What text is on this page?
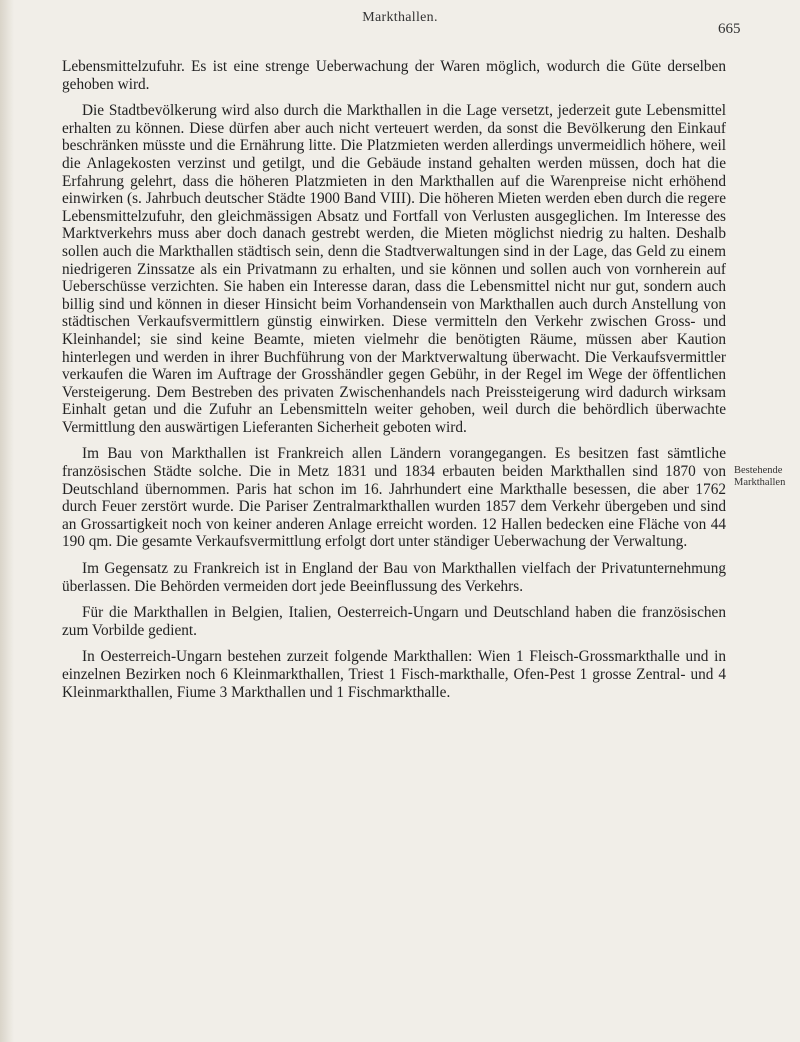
Markthallen.
665

Lebensmittelzufuhr. Es ist eine strenge Ueberwachung der Waren möglich, wodurch die Güte derselben gehoben wird.

Die Stadtbevölkerung wird also durch die Markthallen in die Lage versetzt, jederzeit gute Lebensmittel erhalten zu können. Diese dürfen aber auch nicht verteuert werden, da sonst die Bevölkerung den Einkauf beschränken müsste und die Ernährung litte. Die Platzmieten werden allerdings unvermeidlich höhere, weil die Anlagekosten verzinst und getilgt, und die Gebäude instand gehalten werden müssen, doch hat die Erfahrung gelehrt, dass die höheren Platzmieten in den Markthallen auf die Warenpreise nicht erhöhend einwirken (s. Jahrbuch deutscher Städte 1900 Band VIII). Die höheren Mieten werden eben durch die regere Lebensmittelzufuhr, den gleichmässigen Absatz und Fortfall von Verlusten ausgeglichen. Im Interesse des Marktverkehrs muss aber doch danach gestrebt werden, die Mieten möglichst niedrig zu halten. Deshalb sollen auch die Markthallen städtisch sein, denn die Stadtverwaltungen sind in der Lage, das Geld zu einem niedrigeren Zinssatze als ein Privatmann zu erhalten, und sie können und sollen auch von vornherein auf Ueberschüsse verzichten. Sie haben ein Interesse daran, dass die Lebensmittel nicht nur gut, sondern auch billig sind und können in dieser Hinsicht beim Vorhandensein von Markthallen auch durch Anstellung von städtischen Verkaufsvermittlern günstig einwirken. Diese vermitteln den Verkehr zwischen Gross- und Kleinhandel; sie sind keine Beamte, mieten vielmehr die benötigten Räume, müssen aber Kaution hinterlegen und werden in ihrer Buchführung von der Marktverwaltung überwacht. Die Verkaufsvermittler verkaufen die Waren im Auftrage der Grosshändler gegen Gebühr, in der Regel im Wege der öffentlichen Versteigerung. Dem Bestreben des privaten Zwischenhandels nach Preissteigerung wird dadurch wirksam Einhalt getan und die Zufuhr an Lebensmitteln weiter gehoben, weil durch die behördlich überwachte Vermittlung den auswärtigen Lieferanten Sicherheit geboten wird.

Im Bau von Markthallen ist Frankreich allen Ländern vorangegangen. Es besitzen fast sämtliche französischen Städte solche. Die in Metz 1831 und 1834 erbauten beiden Markthallen sind 1870 von Deutschland übernommen. Paris hat schon im 16. Jahrhundert eine Markthalle besessen, die aber 1762 durch Feuer zerstört wurde. Die Pariser Zentralmarkthallen wurden 1857 dem Verkehr übergeben und sind an Grossartigkeit noch von keiner anderen Anlage erreicht worden. 12 Hallen bedecken eine Fläche von 44 190 qm. Die gesamte Verkaufsvermittlung erfolgt dort unter ständiger Ueberwachung der Verwaltung.

Im Gegensatz zu Frankreich ist in England der Bau von Markthallen vielfach der Privatunternehmung überlassen. Die Behörden vermeiden dort jede Beeinflussung des Verkehrs.

Für die Markthallen in Belgien, Italien, Oesterreich-Ungarn und Deutschland haben die französischen zum Vorbilde gedient.

In Oesterreich-Ungarn bestehen zurzeit folgende Markthallen: Wien 1 Fleisch-Grossmarkthalle und in einzelnen Bezirken noch 6 Kleinmarkthallen, Triest 1 Fisch-markthalle, Ofen-Pest 1 grosse Zentral- und 4 Kleinmarkthallen, Fiume 3 Markthallen und 1 Fischmarkthalle.

Bestehende Markthallen
